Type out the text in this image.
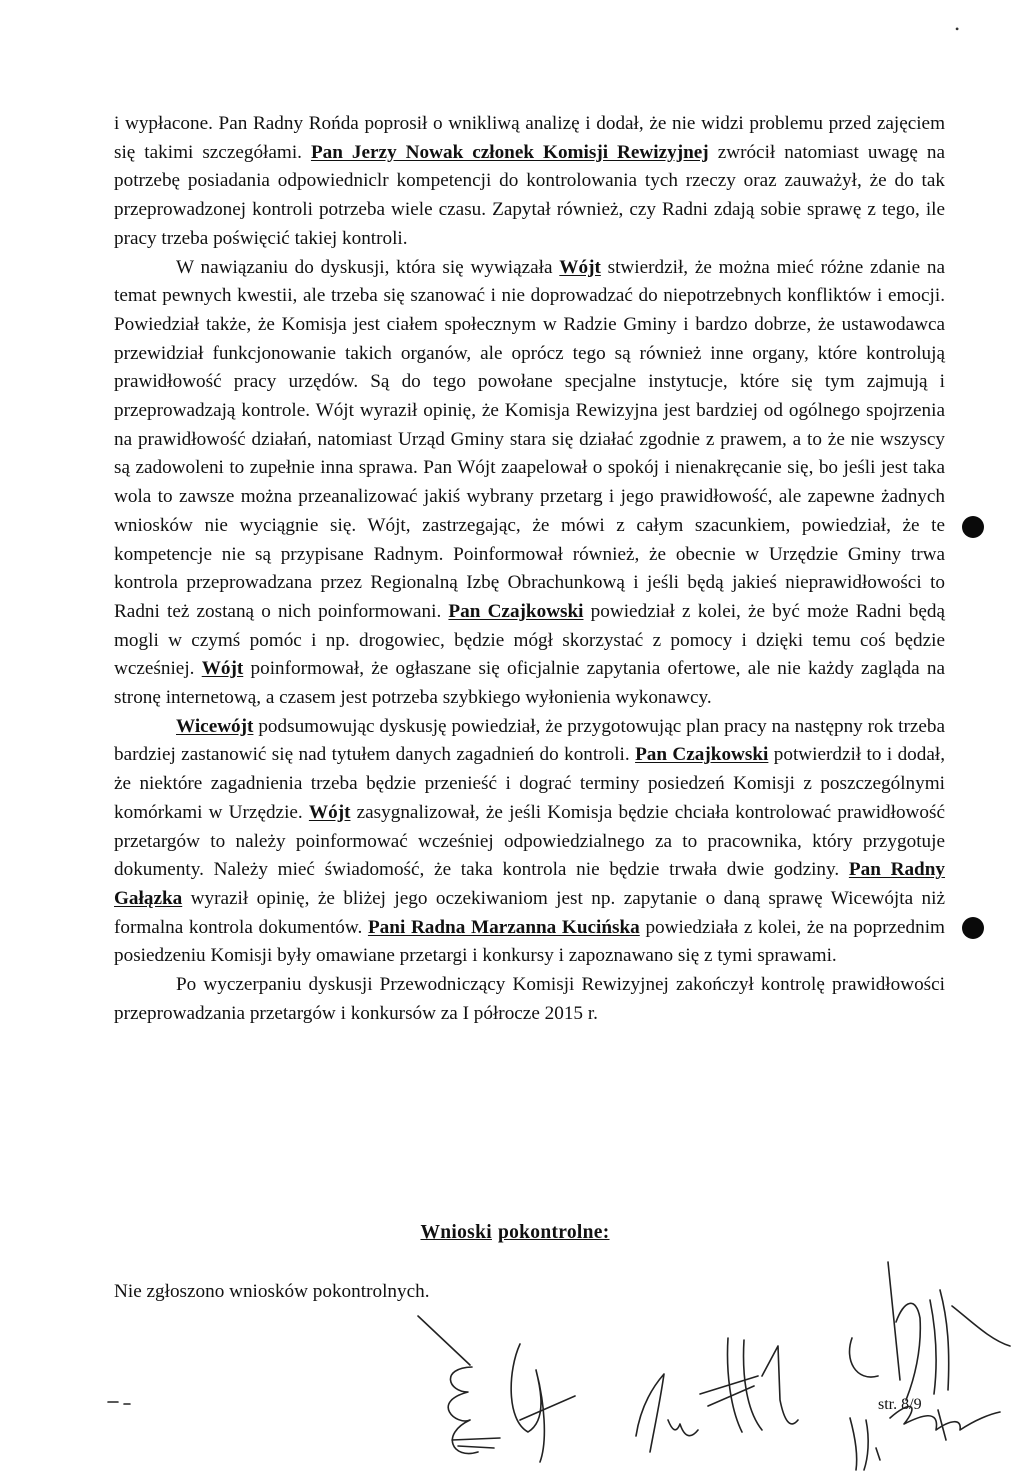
•

i wypłacone. Pan Radny Rońda poprosił o wnikliwą analizę i dodał, że nie widzi problemu przed zajęciem się takimi szczegółami. Pan Jerzy Nowak członek Komisji Rewizyjnej zwrócił natomiast uwagę na potrzebę posiadania odpowiedniclr kompetencji do kontrolowania tych rzeczy oraz zauważył, że do tak przeprowadzonej kontroli potrzeba wiele czasu. Zapytał również, czy Radni zdają sobie sprawę z tego, ile pracy trzeba poświęcić takiej kontroli.

W nawiązaniu do dyskusji, która się wywiązała Wójt stwierdził, że można mieć różne zdanie na temat pewnych kwestii, ale trzeba się szanować i nie doprowadzać do niepotrzebnych konfliktów i emocji. Powiedział także, że Komisja jest ciałem społecznym w Radzie Gminy i bardzo dobrze, że ustawodawca przewidział funkcjonowanie takich organów, ale oprócz tego są również inne organy, które kontrolują prawidłowość pracy urzędów. Są do tego powołane specjalne instytucje, które się tym zajmują i przeprowadzają kontrole. Wójt wyraził opinię, że Komisja Rewizyjna jest bardziej od ogólnego spojrzenia na prawidłowość działań, natomiast Urząd Gminy stara się działać zgodnie z prawem, a to że nie wszyscy są zadowoleni to zupełnie inna sprawa. Pan Wójt zaapelował o spokój i nienakręcanie się, bo jeśli jest taka wola to zawsze można przeanalizować jakiś wybrany przetarg i jego prawidłowość, ale zapewne żadnych wniosków nie wyciągnie się. Wójt, zastrzegając, że mówi z całym szacunkiem, powiedział, że te kompetencje nie są przypisane Radnym. Poinformował również, że obecnie w Urzędzie Gminy trwa kontrola przeprowadzana przez Regionalną Izbę Obrachunkową i jeśli będą jakieś nieprawidłowości to Radni też zostaną o nich poinformowani. Pan Czajkowski powiedział z kolei, że być może Radni będą mogli w czymś pomóc i np. drogowiec, będzie mógł skorzystać z pomocy i dzięki temu coś będzie wcześniej. Wójt poinformował, że ogłaszane się oficjalnie zapytania ofertowe, ale nie każdy zagląda na stronę internetową, a czasem jest potrzeba szybkiego wyłonienia wykonawcy.

Wicewójt podsumowując dyskusję powiedział, że przygotowując plan pracy na następny rok trzeba bardziej zastanowić się nad tytułem danych zagadnień do kontroli. Pan Czajkowski potwierdził to i dodał, że niektóre zagadnienia trzeba będzie przenieść i dograć terminy posiedzeń Komisji z poszczególnymi komórkami w Urzędzie. Wójt zasygnalizował, że jeśli Komisja będzie chciała kontrolować prawidłowość przetargów to należy poinformować wcześniej odpowiedzialnego za to pracownika, który przygotuje dokumenty. Należy mieć świadomość, że taka kontrola nie będzie trwała dwie godziny. Pan Radny Gałązka wyraził opinię, że bliżej jego oczekiwaniom jest np. zapytanie o daną sprawę Wicewójta niż formalna kontrola dokumentów. Pani Radna Marzanna Kucińska powiedziała z kolei, że na poprzednim posiedzeniu Komisji były omawiane przetargi i konkursy i zapoznawano się z tymi sprawami.

Po wyczerpaniu dyskusji Przewodniczący Komisji Rewizyjnej zakończył kontrolę prawidłowości przeprowadzania przetargów i konkursów za I półrocze 2015 r.

Wnioski pokontrolne:
Nie zgłoszono wniosków pokontrolnych.
str. 8/9
